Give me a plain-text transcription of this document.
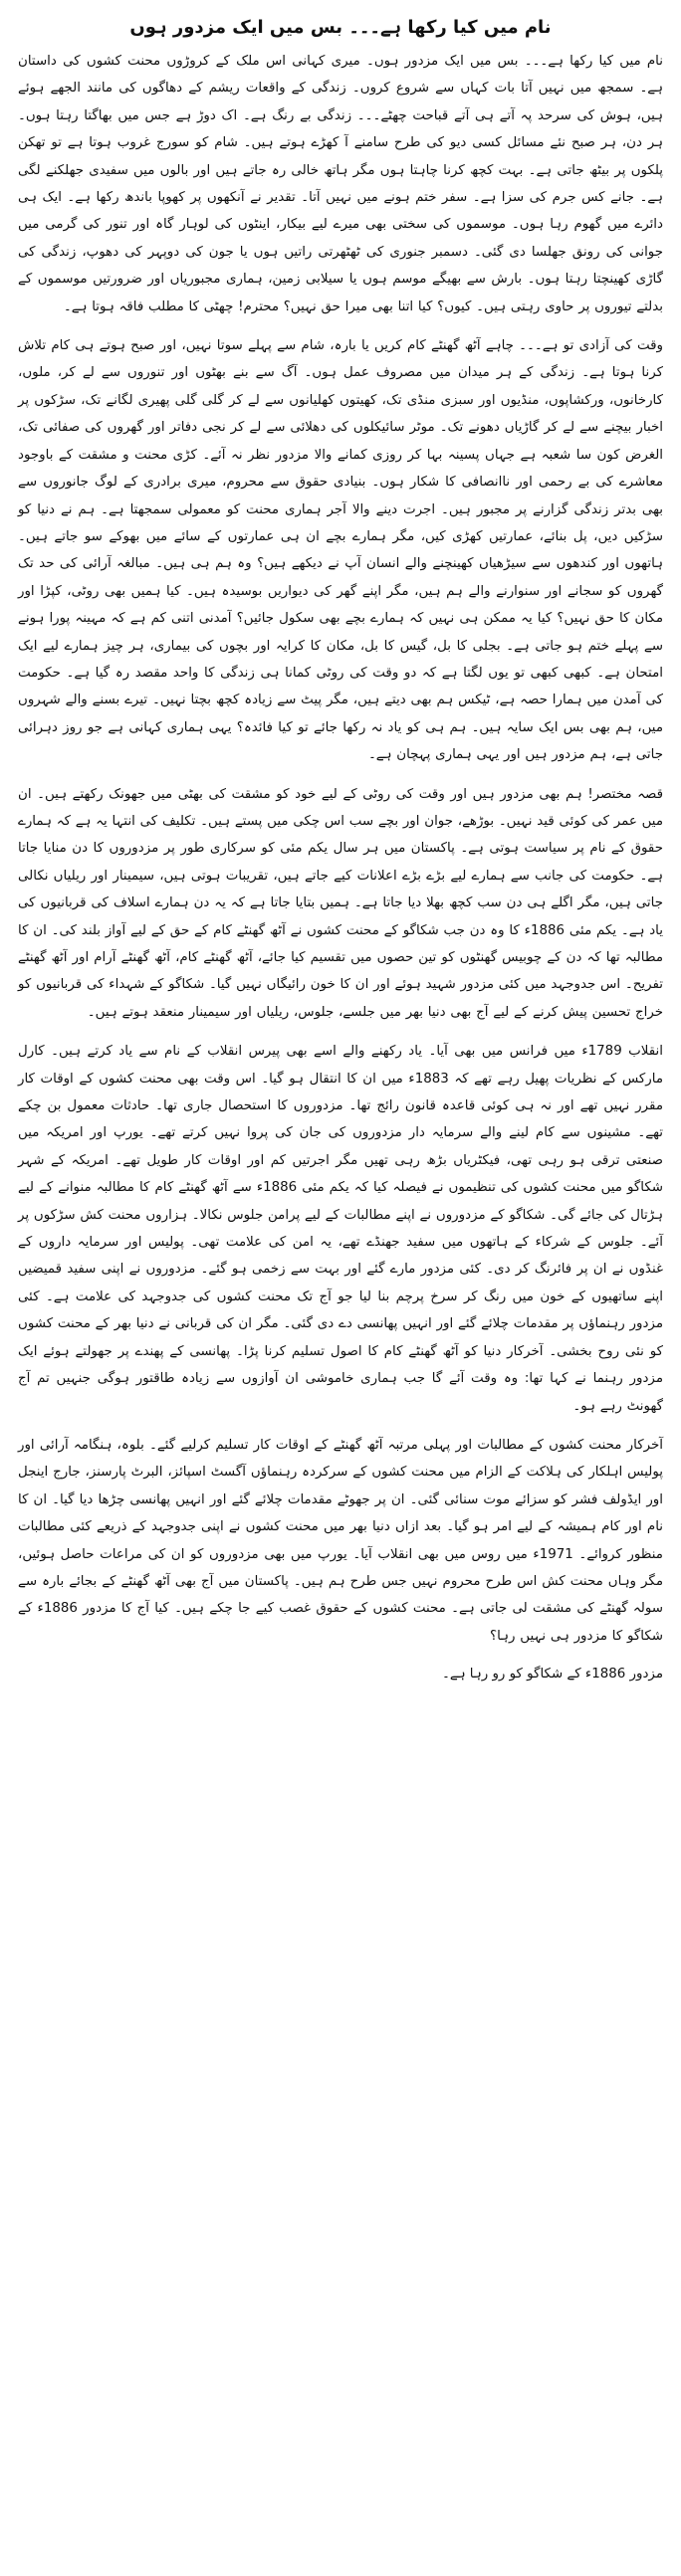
نام میں کیا رکھا ہے۔۔۔ بس میں ایک مزدور ہوں

نام میں کیا رکھا ہے۔۔۔ بس میں ایک مزدور ہوں۔ میری کہانی اس ملک کے کروڑوں محنت کشوں کی داستان ہے۔ سمجھ میں نہیں آتا بات کہاں سے شروع کروں۔ زندگی کے واقعات ریشم کے دھاگوں کی مانند الجھے ہوئے ہیں، ہوش کی سرحد پہ آتے ہی آتے قباحت چھٹے۔۔۔ زندگی بے رنگ ہے۔ اک دوڑ ہے جس میں بھاگتا رہتا ہوں۔ ہر دن، ہر صبح نئے مسائل کسی دیو کی طرح سامنے آ کھڑے ہوتے ہیں۔ شام کو سورج غروب ہوتا ہے تو تھکن پلکوں پر بیٹھ جاتی ہے۔ بہت کچھ کرنا چاہتا ہوں مگر ہاتھ خالی رہ جاتے ہیں اور بالوں میں سفیدی جھلکنے لگی ہے۔ جانے کس جرم کی سزا ہے۔ سفر ختم ہونے میں نہیں آتا۔ تقدیر نے آنکھوں پر کھوپا باندھ رکھا ہے۔ ایک ہی دائرے میں گھوم رہا ہوں۔ موسموں کی سختی بھی میرے لیے بیکار، اینٹوں کی لوہار گاہ اور تنور کی گرمی میں جوانی کی رونق جھلسا دی گئی۔ دسمبر جنوری کی ٹھٹھرتی راتیں ہوں یا جون کی دوپہر کی دھوپ، زندگی کی گاڑی کھینچتا رہتا ہوں۔ بارش سے بھیگے موسم ہوں یا سیلابی زمین، ہماری مجبوریاں اور ضرورتیں موسموں کے بدلتے تیوروں پر حاوی رہتی ہیں۔ کیوں؟ کیا اتنا بھی میرا حق نہیں؟ محترم! چھٹی کا مطلب فاقہ ہوتا ہے۔

وقت کی آزادی تو ہے۔۔۔ چاہے آٹھ گھنٹے کام کریں یا بارہ، شام سے پہلے سوتا نہیں، اور صبح ہوتے ہی کام تلاش کرنا ہوتا ہے۔ زندگی کے ہر میدان میں مصروف عمل ہوں۔ آگ سے بنے بھٹوں اور تنوروں سے لے کر، ملوں، کارخانوں، ورکشاپوں، منڈیوں اور سبزی منڈی تک، کھیتوں کھلیانوں سے لے کر گلی گلی پھیری لگانے تک، سڑکوں پر اخبار بیچنے سے لے کر گاڑیاں دھونے تک۔ موٹر سائیکلوں کی دھلائی سے لے کر نجی دفاتر اور گھروں کی صفائی تک، الغرض کون سا شعبہ ہے جہاں پسینہ بہا کر روزی کمانے والا مزدور نظر نہ آئے۔ کڑی محنت و مشقت کے باوجود معاشرے کی بے رحمی اور ناانصافی کا شکار ہوں۔ بنیادی حقوق سے محروم، میری برادری کے لوگ جانوروں سے بھی بدتر زندگی گزارنے پر مجبور ہیں۔ اجرت دینے والا آجر ہماری محنت کو معمولی سمجھتا ہے۔ ہم نے دنیا کو سڑکیں دیں، پل بنائے، عمارتیں کھڑی کیں، مگر ہمارے بچے ان ہی عمارتوں کے سائے میں بھوکے سو جاتے ہیں۔ ہاتھوں اور کندھوں سے سیڑھیاں کھینچنے والے انسان آپ نے دیکھے ہیں؟ وہ ہم ہی ہیں۔ مبالغہ آرائی کی حد تک گھروں کو سجانے اور سنوارنے والے ہم ہیں، مگر اپنے گھر کی دیواریں بوسیدہ ہیں۔ کیا ہمیں بھی روٹی، کپڑا اور مکان کا حق نہیں؟ کیا یہ ممکن ہی نہیں کہ ہمارے بچے بھی سکول جائیں؟ آمدنی اتنی کم ہے کہ مہینہ پورا ہونے سے پہلے ختم ہو جاتی ہے۔ بجلی کا بل، گیس کا بل، مکان کا کرایہ اور بچوں کی بیماری، ہر چیز ہمارے لیے ایک امتحان ہے۔ کبھی کبھی تو یوں لگتا ہے کہ دو وقت کی روٹی کمانا ہی زندگی کا واحد مقصد رہ گیا ہے۔ حکومت کی آمدن میں ہمارا حصہ ہے، ٹیکس ہم بھی دیتے ہیں، مگر پیٹ سے زیادہ کچھ بچتا نہیں۔ تیرے بسنے والے شہروں میں، ہم بھی بس ایک سایہ ہیں۔ ہم ہی کو یاد نہ رکھا جائے تو کیا فائدہ؟ یہی ہماری کہانی ہے جو روز دہرائی جاتی ہے، ہم مزدور ہیں اور یہی ہماری پہچان ہے۔

قصہ مختصر! ہم بھی مزدور ہیں اور وقت کی روٹی کے لیے خود کو مشقت کی بھٹی میں جھونک رکھتے ہیں۔ ان میں عمر کی کوئی قید نہیں۔ بوڑھے، جوان اور بچے سب اس چکی میں پستے ہیں۔ تکلیف کی انتہا یہ ہے کہ ہمارے حقوق کے نام پر سیاست ہوتی ہے۔ پاکستان میں ہر سال یکم مئی کو سرکاری طور پر مزدوروں کا دن منایا جاتا ہے۔ حکومت کی جانب سے ہمارے لیے بڑے بڑے اعلانات کیے جاتے ہیں، تقریبات ہوتی ہیں، سیمینار اور ریلیاں نکالی جاتی ہیں، مگر اگلے ہی دن سب کچھ بھلا دیا جاتا ہے۔ ہمیں بتایا جاتا ہے کہ یہ دن ہمارے اسلاف کی قربانیوں کی یاد ہے۔ یکم مئی 1886ء کا وہ دن جب شکاگو کے محنت کشوں نے آٹھ گھنٹے کام کے حق کے لیے آواز بلند کی۔ ان کا مطالبہ تھا کہ دن کے چوبیس گھنٹوں کو تین حصوں میں تقسیم کیا جائے، آٹھ گھنٹے کام، آٹھ گھنٹے آرام اور آٹھ گھنٹے تفریح۔ اس جدوجہد میں کئی مزدور شہید ہوئے اور ان کا خون رائیگاں نہیں گیا۔ شکاگو کے شہداء کی قربانیوں کو خراج تحسین پیش کرنے کے لیے آج بھی دنیا بھر میں جلسے، جلوس، ریلیاں اور سیمینار منعقد ہوتے ہیں۔

انقلاب 1789ء میں فرانس میں بھی آیا۔ یاد رکھنے والے اسے بھی پیرس انقلاب کے نام سے یاد کرتے ہیں۔ کارل مارکس کے نظریات پھیل رہے تھے کہ 1883ء میں ان کا انتقال ہو گیا۔ اس وقت بھی محنت کشوں کے اوقات کار مقرر نہیں تھے اور نہ ہی کوئی قاعدہ قانون رائج تھا۔ مزدوروں کا استحصال جاری تھا۔ حادثات معمول بن چکے تھے۔ مشینوں سے کام لینے والے سرمایہ دار مزدوروں کی جان کی پروا نہیں کرتے تھے۔ یورپ اور امریکہ میں صنعتی ترقی ہو رہی تھی، فیکٹریاں بڑھ رہی تھیں مگر اجرتیں کم اور اوقات کار طویل تھے۔ امریکہ کے شہر شکاگو میں محنت کشوں کی تنظیموں نے فیصلہ کیا کہ یکم مئی 1886ء سے آٹھ گھنٹے کام کا مطالبہ منوانے کے لیے ہڑتال کی جائے گی۔ شکاگو کے مزدوروں نے اپنے مطالبات کے لیے پرامن جلوس نکالا۔ ہزاروں محنت کش سڑکوں پر آئے۔ جلوس کے شرکاء کے ہاتھوں میں سفید جھنڈے تھے، یہ امن کی علامت تھی۔ پولیس اور سرمایہ داروں کے غنڈوں نے ان پر فائرنگ کر دی۔ کئی مزدور مارے گئے اور بہت سے زخمی ہو گئے۔ مزدوروں نے اپنی سفید قمیضیں اپنے ساتھیوں کے خون میں رنگ کر سرخ پرچم بنا لیا جو آج تک محنت کشوں کی جدوجہد کی علامت ہے۔ کئی مزدور رہنماؤں پر مقدمات چلائے گئے اور انہیں پھانسی دے دی گئی۔ مگر ان کی قربانی نے دنیا بھر کے محنت کشوں کو نئی روح بخشی۔ آخرکار دنیا کو آٹھ گھنٹے کام کا اصول تسلیم کرنا پڑا۔ پھانسی کے پھندے پر جھولتے ہوئے ایک مزدور رہنما نے کہا تھا: وہ وقت آئے گا جب ہماری خاموشی ان آوازوں سے زیادہ طاقتور ہوگی جنہیں تم آج گھونٹ رہے ہو۔

آخرکار محنت کشوں کے مطالبات اور پہلی مرتبہ آٹھ گھنٹے کے اوقات کار تسلیم کرلیے گئے۔ بلوہ، ہنگامہ آرائی اور پولیس اہلکار کی ہلاکت کے الزام میں محنت کشوں کے سرکردہ رہنماؤں آگسٹ اسپائز، البرٹ پارسنز، جارج اینجل اور ایڈولف فشر کو سزائے موت سنائی گئی۔ ان پر جھوٹے مقدمات چلائے گئے اور انہیں پھانسی چڑھا دیا گیا۔ ان کا نام اور کام ہمیشہ کے لیے امر ہو گیا۔ بعد ازاں دنیا بھر میں محنت کشوں نے اپنی جدوجہد کے ذریعے کئی مطالبات منظور کروائے۔ 1971ء میں روس میں بھی انقلاب آیا۔ یورپ میں بھی مزدوروں کو ان کی مراعات حاصل ہوئیں، مگر وہاں محنت کش اس طرح محروم نہیں جس طرح ہم ہیں۔ پاکستان میں آج بھی آٹھ گھنٹے کے بجائے بارہ سے سولہ گھنٹے کی مشقت لی جاتی ہے۔ محنت کشوں کے حقوق غصب کیے جا چکے ہیں۔ کیا آج کا مزدور 1886ء کے شکاگو کا مزدور ہی نہیں رہا؟

مزدور 1886ء کے شکاگو کو رو رہا ہے۔
